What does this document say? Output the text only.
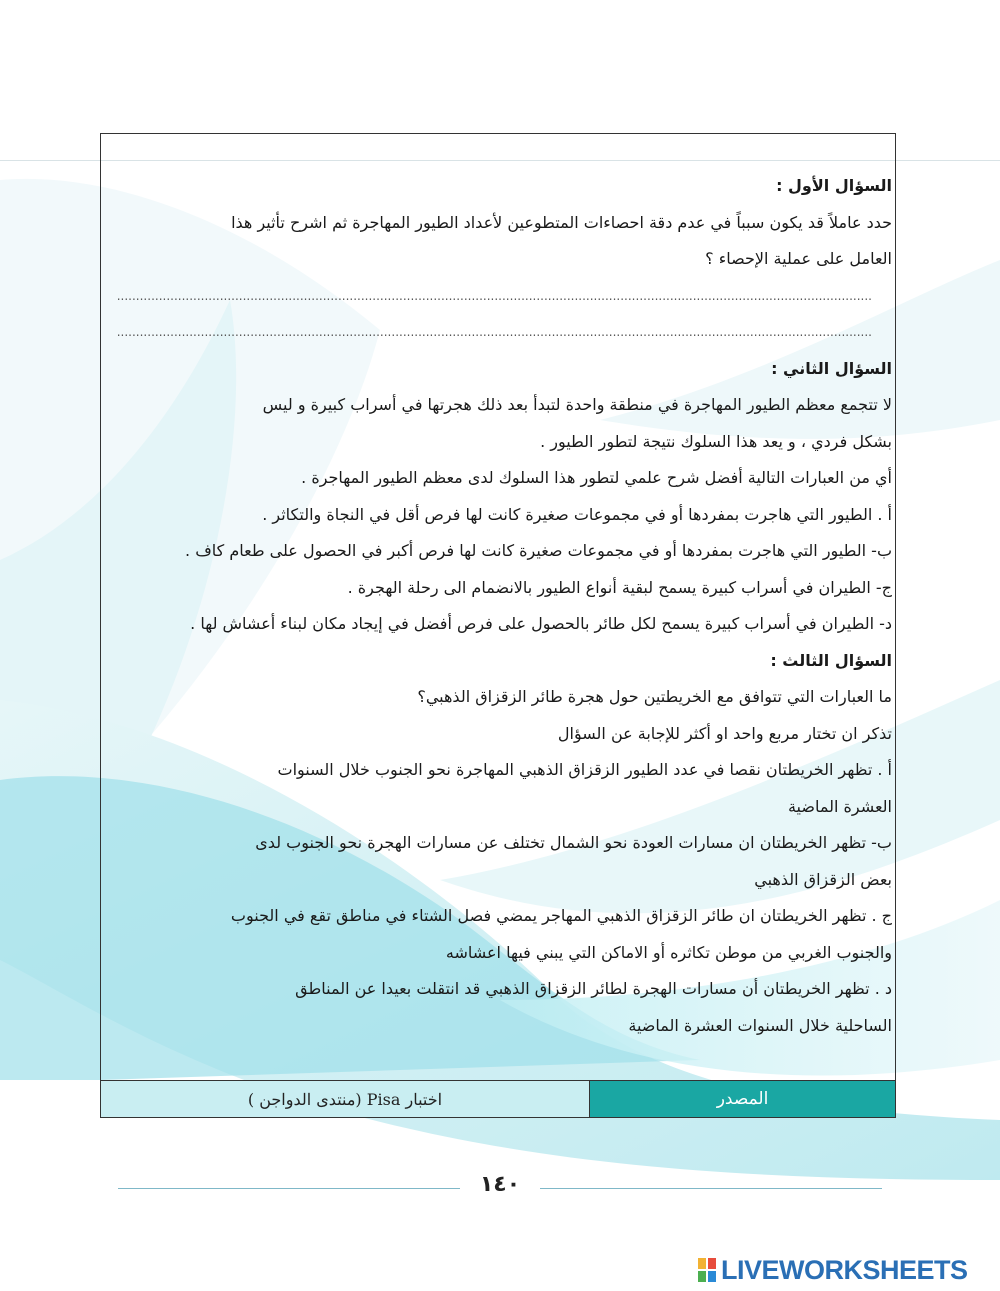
السؤال الأول :

حدد عاملاً قد يكون سبباً في عدم دقة احصاءات المتطوعين لأعداد الطيور المهاجرة ثم اشرح تأثير هذا

العامل على عملية الإحصاء ؟

......................................................................................................................................................................................................

......................................................................................................................................................................................................

السؤال الثاني :

لا تتجمع معظم الطيور المهاجرة في منطقة واحدة لتبدأ بعد ذلك هجرتها في أسراب كبيرة و ليس

بشكل فردي ، و يعد هذا السلوك نتيجة لتطور الطيور .

أي من العبارات التالية أفضل شرح علمي لتطور هذا السلوك لدى معظم الطيور المهاجرة .

أ . الطيور التي هاجرت بمفردها أو في مجموعات صغيرة كانت لها فرص أقل في النجاة والتكاثر .

ب- الطيور التي هاجرت بمفردها أو في مجموعات صغيرة كانت لها فرص أكبر في الحصول على طعام كاف .

ج- الطيران في أسراب كبيرة يسمح لبقية أنواع الطيور بالانضمام الى رحلة الهجرة .

د- الطيران في أسراب كبيرة يسمح لكل طائر بالحصول على فرص أفضل في إيجاد مكان لبناء أعشاش لها .

السؤال الثالث :

ما العبارات التي تتوافق مع الخريطتين حول هجرة طائر الزقزاق الذهبي؟

تذكر ان تختار مربع واحد او أكثر للإجابة عن السؤال

أ . تظهر الخريطتان نقصا في عدد الطيور الزقزاق الذهبي المهاجرة نحو الجنوب خلال السنوات

العشرة الماضية

ب- تظهر الخريطتان ان مسارات العودة نحو الشمال تختلف عن مسارات الهجرة نحو الجنوب لدى

بعض الزقزاق الذهبي

ج . تظهر الخريطتان ان طائر الزقزاق الذهبي المهاجر يمضي فصل الشتاء في مناطق تقع في الجنوب

والجنوب الغربي من موطن تكاثره أو الاماكن التي يبني فيها اعشاشه

د . تظهر الخريطتان أن مسارات الهجرة لطائر الزقزاق الذهبي قد انتقلت بعيدا عن المناطق

الساحلية خلال السنوات العشرة الماضية

اختبار Pisa (منتدى الدواجن )	المصدر
١٤٠
LIVEWORKSHEETS
